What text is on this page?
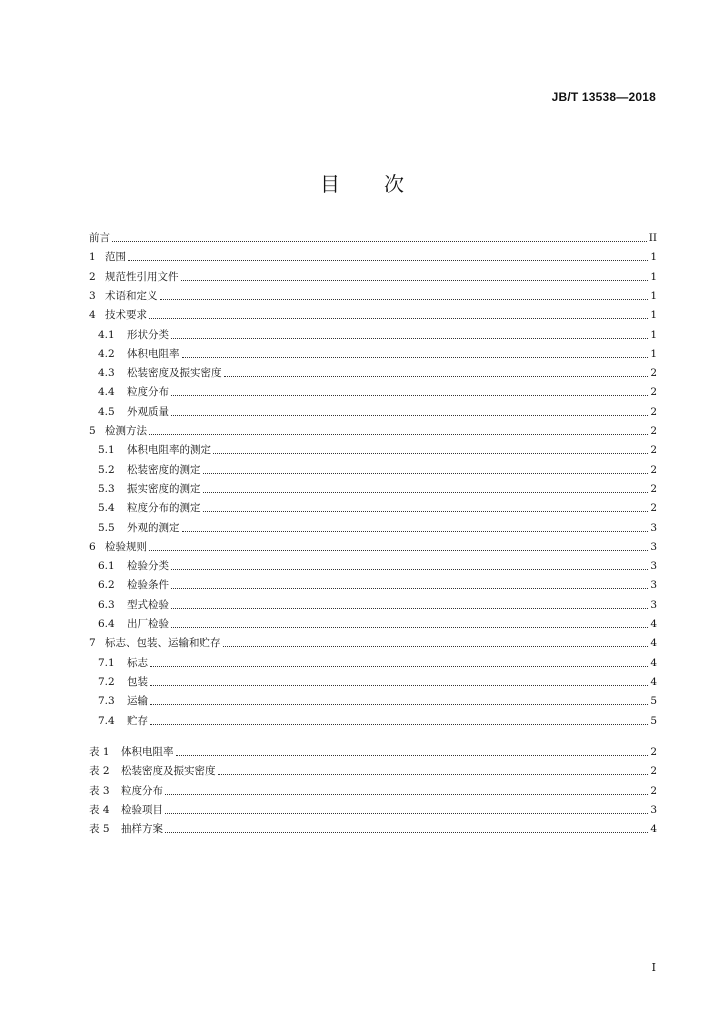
JB/T 13538—2018
目 次
前言	II
1 范围	1
2 规范性引用文件	1
3 术语和定义	1
4 技术要求	1
4.1	形状分类	1
4.2	体积电阻率	1
4.3	松装密度及振实密度	2
4.4	粒度分布	2
4.5	外观质量	2
5 检测方法	2
5.1	体积电阻率的测定	2
5.2	松装密度的测定	2
5.3	振实密度的测定	2
5.4	粒度分布的测定	2
5.5	外观的测定	3
6 检验规则	3
6.1	检验分类	3
6.2	检验条件	3
6.3	型式检验	3
6.4	出厂检验	4
7 标志、包装、运输和贮存	4
7.1	标志	4
7.2	包装	4
7.3	运输	5
7.4	贮存	5
表 1	体积电阻率	2
表 2	松装密度及振实密度	2
表 3	粒度分布	2
表 4	检验项目	3
表 5	抽样方案	4
I
